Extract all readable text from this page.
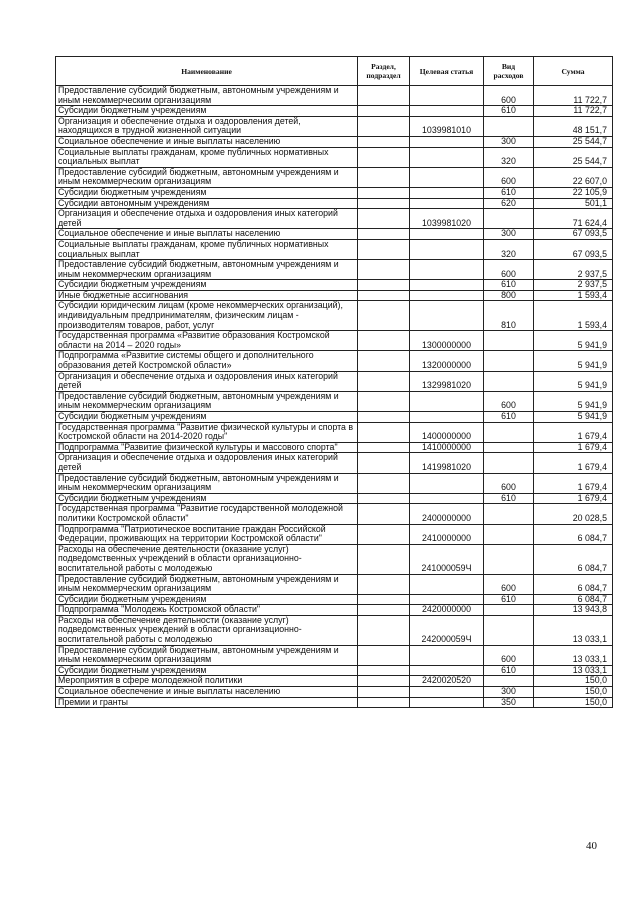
Наименование	Раздел, подраздел	Целевая статья	Вид расходов	Сумма
Предоставление субсидий бюджетным, автономным учреждениям и иным некоммерческим организациям			600	11 722,7
Субсидии бюджетным учреждениям			610	11 722,7
Организация и обеспечение отдыха и оздоровления детей, находящихся в трудной жизненной ситуации		1039981010		48 151,7
Социальное обеспечение и иные выплаты населению			300	25 544,7
Социальные выплаты гражданам, кроме публичных нормативных социальных выплат			320	25 544,7
Предоставление субсидий бюджетным, автономным учреждениям и иным некоммерческим организациям			600	22 607,0
Субсидии бюджетным учреждениям			610	22 105,9
Субсидии автономным учреждениям			620	501,1
Организация и обеспечение отдыха и оздоровления иных категорий детей		1039981020		71 624,4
Социальное обеспечение и иные выплаты населению			300	67 093,5
Социальные выплаты гражданам, кроме публичных нормативных социальных выплат			320	67 093,5
Предоставление субсидий бюджетным, автономным учреждениям и иным некоммерческим организациям			600	2 937,5
Субсидии бюджетным учреждениям			610	2 937,5
Иные бюджетные ассигнования			800	1 593,4
Субсидии юридическим лицам (кроме некоммерческих организаций), индивидуальным предпринимателям, физическим лицам - производителям товаров, работ, услуг			810	1 593,4
Государственная программа «Развитие образования Костромской области на 2014 – 2020 годы»		1300000000		5 941,9
Подпрограмма «Развитие системы общего и дополнительного образования детей Костромской области»		1320000000		5 941,9
Организация и обеспечение отдыха и оздоровления иных категорий детей		1329981020		5 941,9
Предоставление субсидий бюджетным, автономным учреждениям и иным некоммерческим организациям			600	5 941,9
Субсидии бюджетным учреждениям			610	5 941,9
Государственная программа "Развитие физической культуры и спорта в Костромской области на 2014-2020 годы"		1400000000		1 679,4
Подпрограмма "Развитие физической культуры и массового спорта"		1410000000		1 679,4
Организация и обеспечение отдыха и оздоровления иных категорий детей		1419981020		1 679,4
Предоставление субсидий бюджетным, автономным учреждениям и иным некоммерческим организациям			600	1 679,4
Субсидии бюджетным учреждениям			610	1 679,4
Государственная программа "Развитие государственной молодежной политики Костромской области"		2400000000		20 028,5
Подпрограмма "Патриотическое воспитание граждан Российской Федерации, проживающих на территории Костромской области"		2410000000		6 084,7
Расходы на обеспечение деятельности (оказание услуг) подведомственных учреждений в области организационно-воспитательной работы с молодежью		241000059Ч		6 084,7
Предоставление субсидий бюджетным, автономным учреждениям и иным некоммерческим организациям			600	6 084,7
Субсидии бюджетным учреждениям			610	6 084,7
Подпрограмма "Молодежь Костромской области"		2420000000		13 943,8
Расходы на обеспечение деятельности (оказание услуг) подведомственных учреждений в области организационно-воспитательной работы с молодежью		242000059Ч		13 033,1
Предоставление субсидий бюджетным, автономным учреждениям и иным некоммерческим организациям			600	13 033,1
Субсидии бюджетным учреждениям			610	13 033,1
Мероприятия в сфере молодежной политики		2420020520		150,0
Социальное обеспечение и иные выплаты населению			300	150,0
Премии и гранты			350	150,0
40
